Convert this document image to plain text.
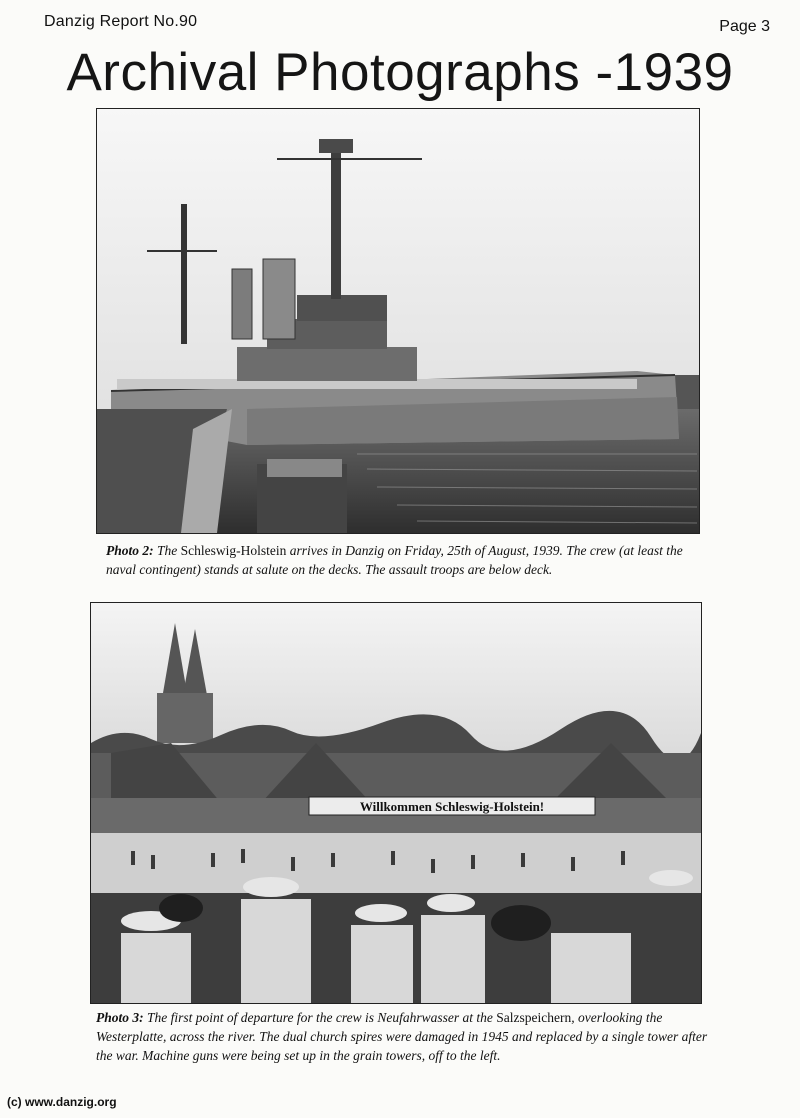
Danzig Report No.90	Page 3
Archival Photographs -1939
Photo 2: The Schleswig-Holstein arrives in Danzig on Friday, 25th of August, 1939. The crew (at least the naval contingent) stands at salute on the decks. The assault troops are below deck.
Willkommen Schleswig-Holstein!
Photo 3: The first point of departure for the crew is Neufahrwasser at the Salzspeichern, overlooking the Westerplatte, across the river. The dual church spires were damaged in 1945 and replaced by a single tower after the war. Machine guns were being set up in the grain towers, off to the left.
(c) www.danzig.org
